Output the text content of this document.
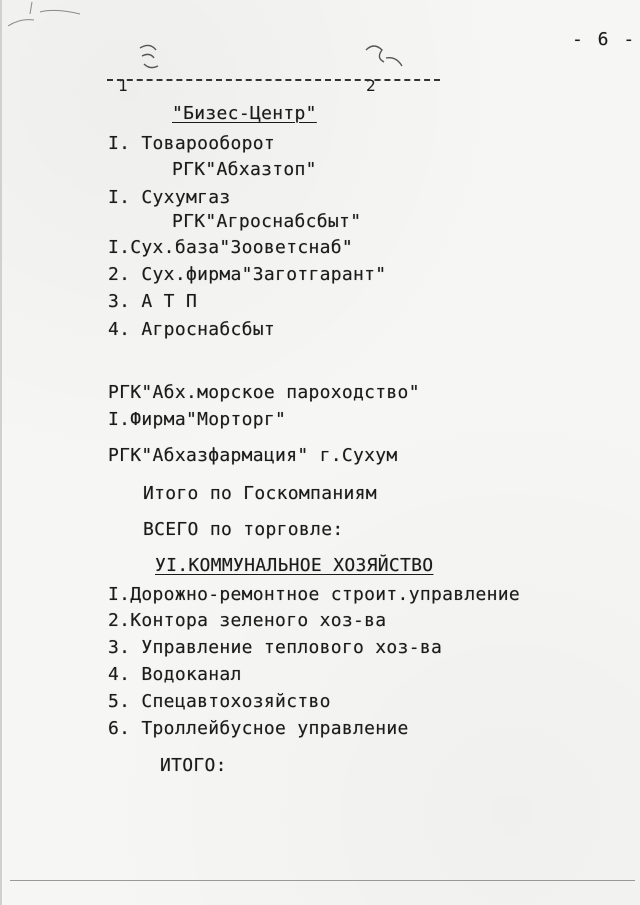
- 6 -
1	2
"Бизес-Центр"
I. Товарооборот
РГК"Абхазтоп"
I. Сухумгаз
РГК"Агроснабсбыт"
I.Сух.база"Зооветснаб"
2. Сух.фирма"Заготгарант"
3. А Т П
4. Агроснабсбыт
РГК"Абх.морское пароходство"
I.Фирма"Морторг"
РГК"Абхазфармация" г.Сухум
Итого по Госкомпаниям
ВСЕГО по торговле:
УI.КОММУНАЛЬНОЕ ХОЗЯЙСТВО
I.Дорожно-ремонтное строит.управление
2.Контора зеленого хоз-ва
3. Управление теплового хоз-ва
4. Водоканал
5. Спецавтохозяйство
6. Троллейбусное управление
ИТОГО:
